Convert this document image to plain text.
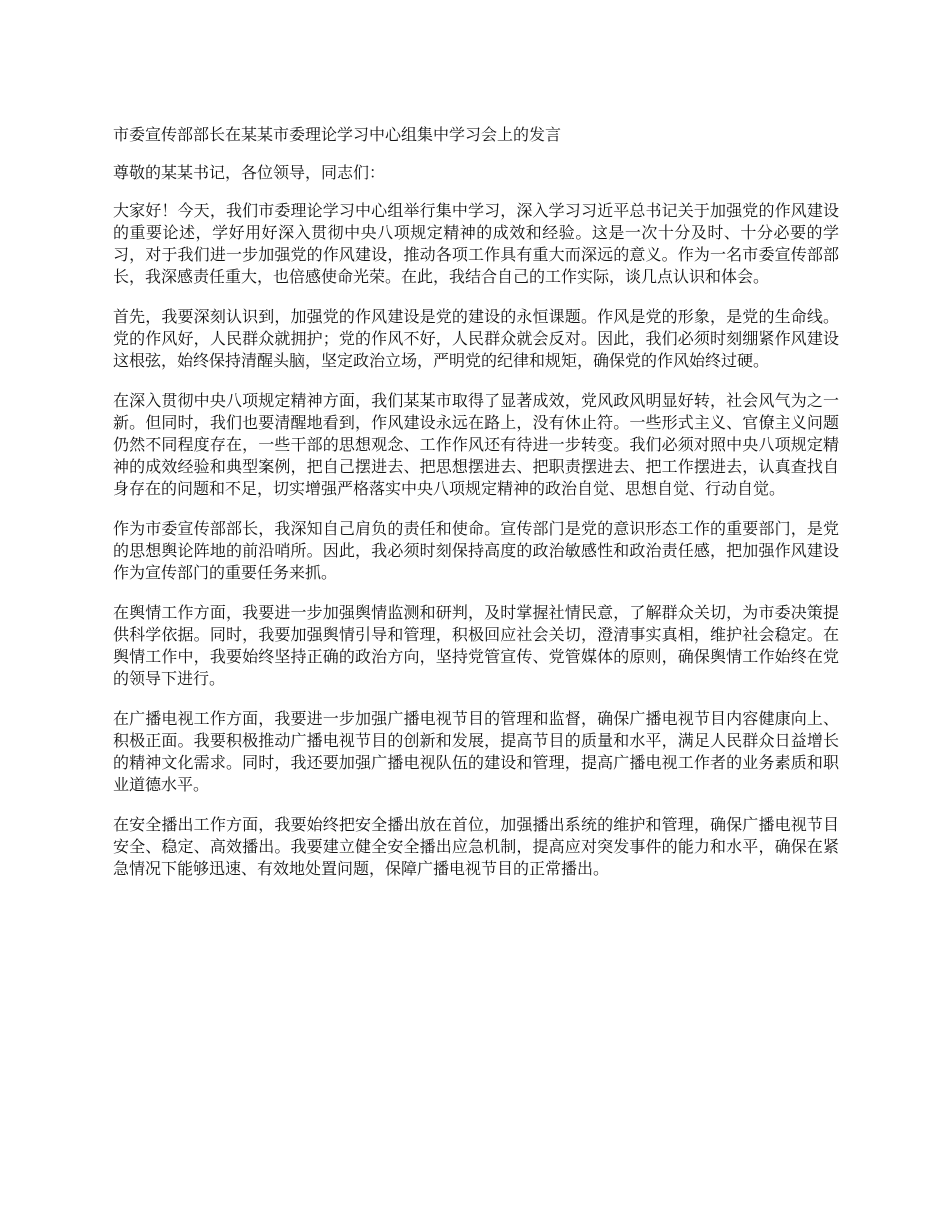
市委宣传部部长在某某市委理论学习中心组集中学习会上的发言

尊敬的某某书记，各位领导，同志们：

大家好！今天，我们市委理论学习中心组举行集中学习，深入学习习近平总书记关于加强党的作风建设的重要论述，学好用好深入贯彻中央八项规定精神的成效和经验。这是一次十分及时、十分必要的学习，对于我们进一步加强党的作风建设，推动各项工作具有重大而深远的意义。作为一名市委宣传部部长，我深感责任重大，也倍感使命光荣。在此，我结合自己的工作实际，谈几点认识和体会。

首先，我要深刻认识到，加强党的作风建设是党的建设的永恒课题。作风是党的形象，是党的生命线。党的作风好，人民群众就拥护；党的作风不好，人民群众就会反对。因此，我们必须时刻绷紧作风建设这根弦，始终保持清醒头脑，坚定政治立场，严明党的纪律和规矩，确保党的作风始终过硬。

在深入贯彻中央八项规定精神方面，我们某某市取得了显著成效，党风政风明显好转，社会风气为之一新。但同时，我们也要清醒地看到，作风建设永远在路上，没有休止符。一些形式主义、官僚主义问题仍然不同程度存在，一些干部的思想观念、工作作风还有待进一步转变。我们必须对照中央八项规定精神的成效经验和典型案例，把自己摆进去、把思想摆进去、把职责摆进去、把工作摆进去，认真查找自身存在的问题和不足，切实增强严格落实中央八项规定精神的政治自觉、思想自觉、行动自觉。

作为市委宣传部部长，我深知自己肩负的责任和使命。宣传部门是党的意识形态工作的重要部门，是党的思想舆论阵地的前沿哨所。因此，我必须时刻保持高度的政治敏感性和政治责任感，把加强作风建设作为宣传部门的重要任务来抓。

在舆情工作方面，我要进一步加强舆情监测和研判，及时掌握社情民意，了解群众关切，为市委决策提供科学依据。同时，我要加强舆情引导和管理，积极回应社会关切，澄清事实真相，维护社会稳定。在舆情工作中，我要始终坚持正确的政治方向，坚持党管宣传、党管媒体的原则，确保舆情工作始终在党的领导下进行。

在广播电视工作方面，我要进一步加强广播电视节目的管理和监督，确保广播电视节目内容健康向上、积极正面。我要积极推动广播电视节目的创新和发展，提高节目的质量和水平，满足人民群众日益增长的精神文化需求。同时，我还要加强广播电视队伍的建设和管理，提高广播电视工作者的业务素质和职业道德水平。

在安全播出工作方面，我要始终把安全播出放在首位，加强播出系统的维护和管理，确保广播电视节目安全、稳定、高效播出。我要建立健全安全播出应急机制，提高应对突发事件的能力和水平，确保在紧急情况下能够迅速、有效地处置问题，保障广播电视节目的正常播出。
